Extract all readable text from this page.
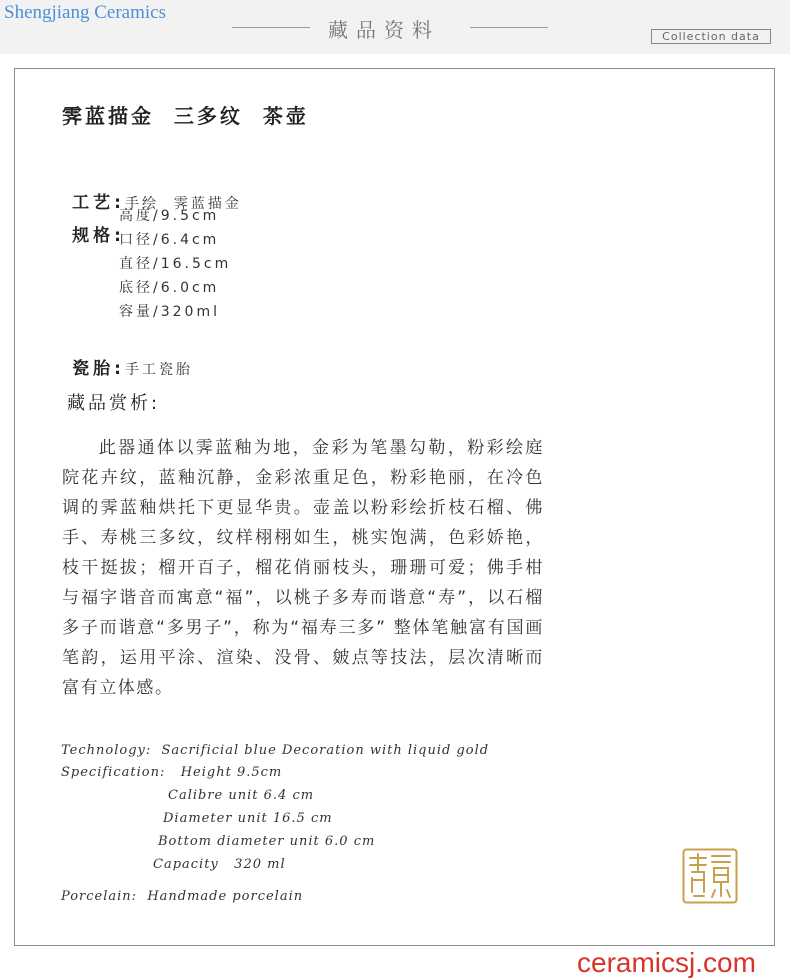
Shengjiang Ceramics
藏品资料	Collection data
霁蓝描金  三多纹  茶壶

工艺:手绘  霁蓝描金

规格:

高度/9.5cm
口径/6.4cm
直径/16.5cm
底径/6.0cm
容量/320ml

瓷胎:手工瓷胎

藏品赏析:

此器通体以霁蓝釉为地，金彩为笔墨勾勒，粉彩绘庭院花卉纹，蓝釉沉静，金彩浓重足色，粉彩艳丽，在冷色调的霁蓝釉烘托下更显华贵。壶盖以粉彩绘折枝石榴、佛手、寿桃三多纹，纹样栩栩如生，桃实饱满，色彩娇艳，枝干挺拔；榴开百子，榴花俏丽枝头，珊珊可爱；佛手柑与福字谐音而寓意“福”，以桃子多寿而谐意“寿”，以石榴多子而谐意“多男子”，称为“福寿三多” 整体笔触富有国画笔韵，运用平涂、渲染、没骨、皴点等技法，层次清晰而富有立体感。

Technology:  Sacrificial blue Decoration with liquid gold
Specification:   Height 9.5cm
Calibre unit 6.4 cm
Diameter unit 16.5 cm
Bottom diameter unit 6.0 cm
Capacity   320 ml
Porcelain:  Handmade porcelain
ceramicsj.com
